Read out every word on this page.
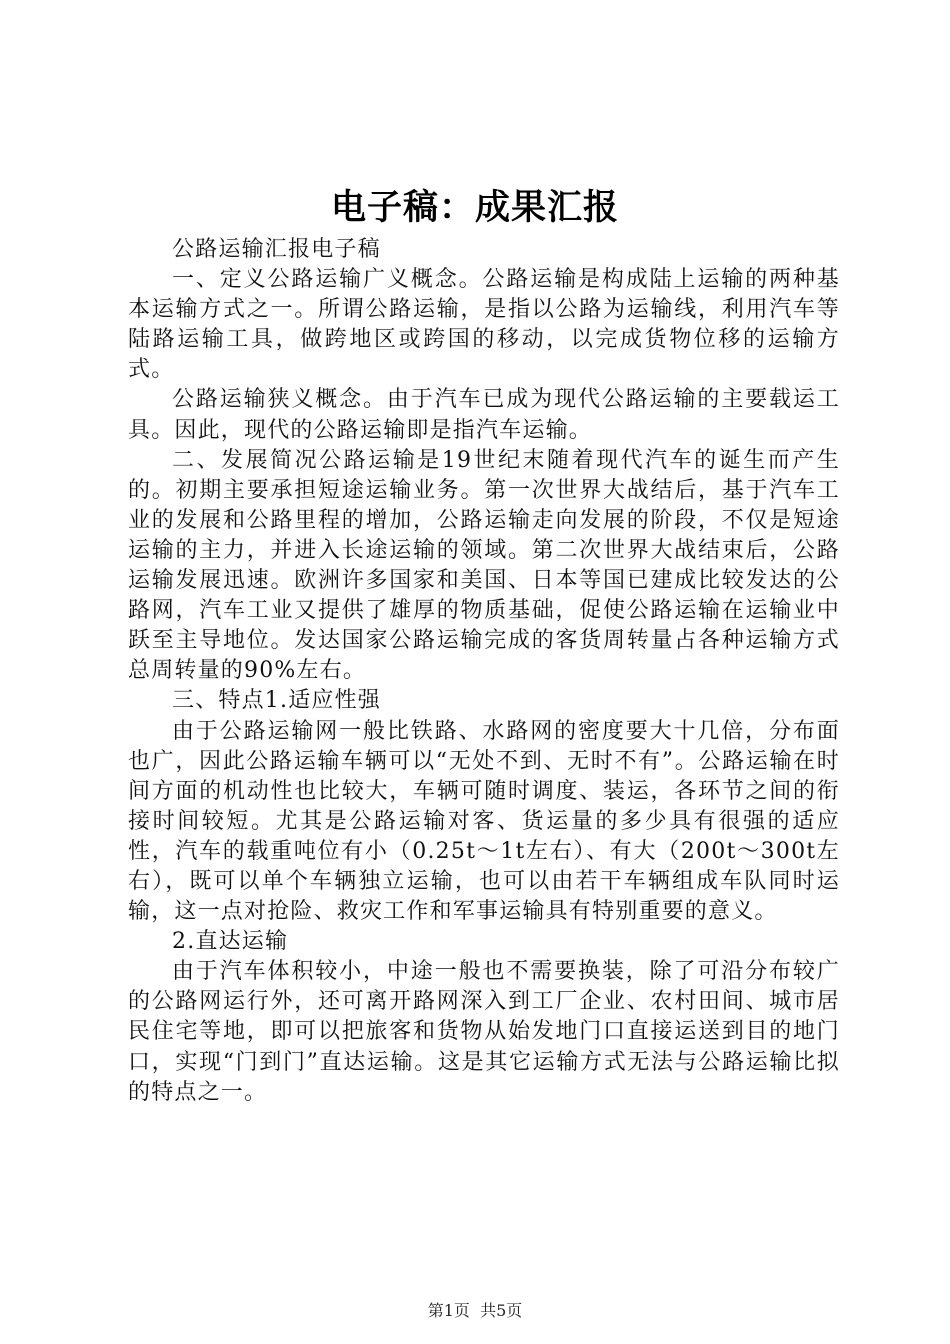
电子稿：成果汇报

公路运输汇报电子稿

一、定义公路运输广义概念。公路运输是构成陆上运输的两种基本运输方式之一。所谓公路运输，是指以公路为运输线，利用汽车等陆路运输工具，做跨地区或跨国的移动，以完成货物位移的运输方式。

公路运输狭义概念。由于汽车已成为现代公路运输的主要载运工具。因此，现代的公路运输即是指汽车运输。

二、发展简况公路运输是19世纪末随着现代汽车的诞生而产生的。初期主要承担短途运输业务。第一次世界大战结后，基于汽车工业的发展和公路里程的增加，公路运输走向发展的阶段，不仅是短途运输的主力，并进入长途运输的领域。第二次世界大战结束后，公路运输发展迅速。欧洲许多国家和美国、日本等国已建成比较发达的公路网，汽车工业又提供了雄厚的物质基础，促使公路运输在运输业中跃至主导地位。发达国家公路运输完成的客货周转量占各种运输方式总周转量的90%左右。

三、特点1.适应性强

由于公路运输网一般比铁路、水路网的密度要大十几倍，分布面也广，因此公路运输车辆可以“无处不到、无时不有”。公路运输在时间方面的机动性也比较大，车辆可随时调度、装运，各环节之间的衔接时间较短。尤其是公路运输对客、货运量的多少具有很强的适应性，汽车的载重吨位有小（0.25t～1t左右）、有大（200t～300t左右），既可以单个车辆独立运输，也可以由若干车辆组成车队同时运输，这一点对抢险、救灾工作和军事运输具有特别重要的意义。

2.直达运输

由于汽车体积较小，中途一般也不需要换装，除了可沿分布较广的公路网运行外，还可离开路网深入到工厂企业、农村田间、城市居民住宅等地，即可以把旅客和货物从始发地门口直接运送到目的地门口，实现“门到门”直达运输。这是其它运输方式无法与公路运输比拟的特点之一。

第1页 共5页
